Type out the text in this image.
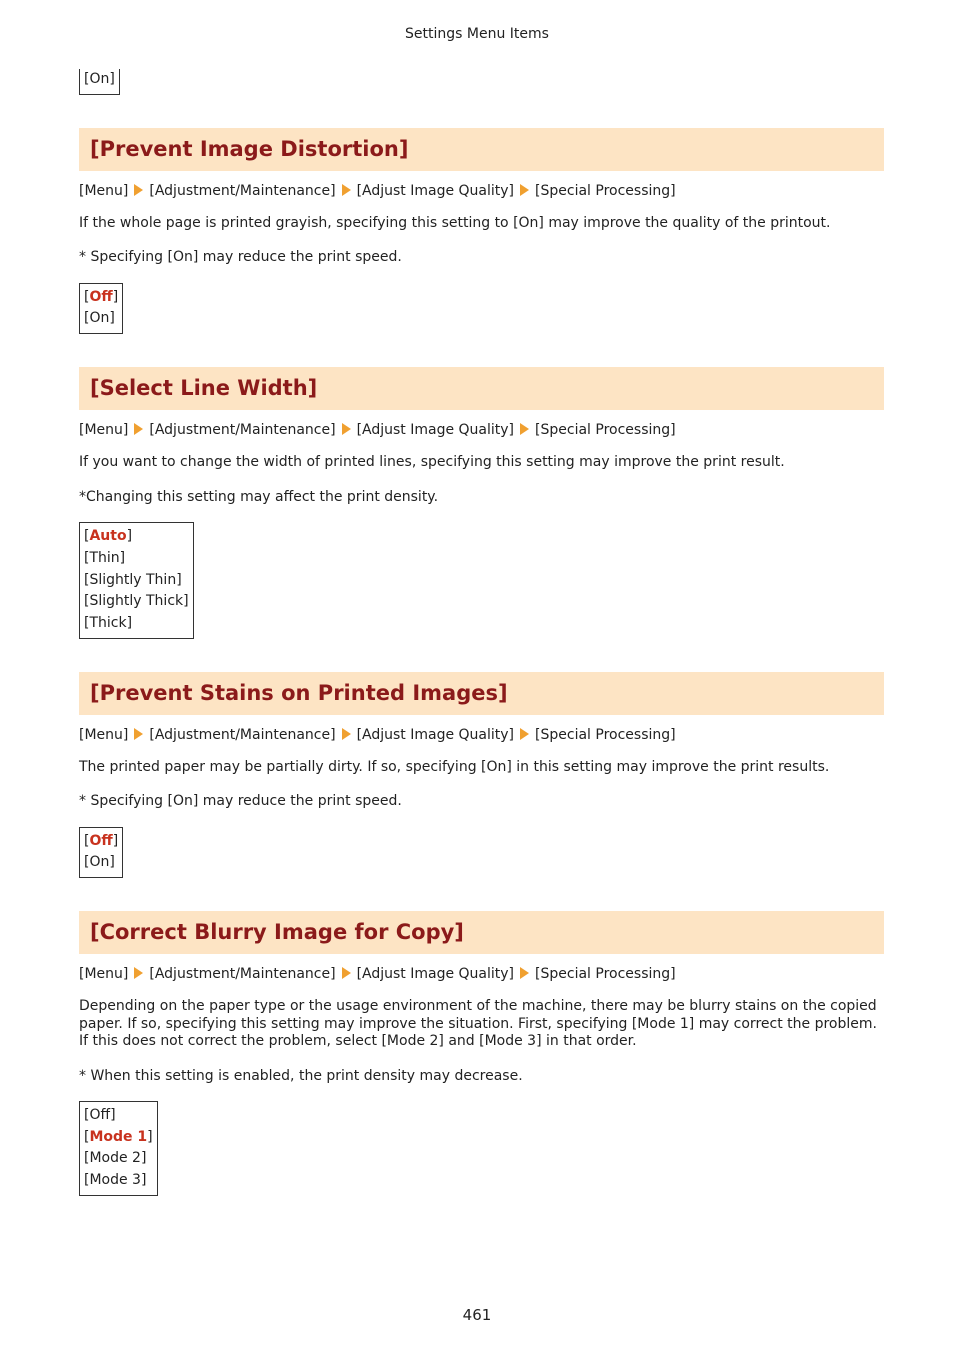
Settings Menu Items
[On]
[Prevent Image Distortion]
[Menu] [Adjustment/Maintenance] [Adjust Image Quality] [Special Processing]

If the whole page is printed grayish, specifying this setting to [On] may improve the quality of the printout.

* Specifying [On] may reduce the print speed.

[Off]
[On]
[Select Line Width]
[Menu] [Adjustment/Maintenance] [Adjust Image Quality] [Special Processing]

If you want to change the width of printed lines, specifying this setting may improve the print result.

*Changing this setting may affect the print density.

[Auto]
[Thin]
[Slightly Thin]
[Slightly Thick]
[Thick]
[Prevent Stains on Printed Images]
[Menu] [Adjustment/Maintenance] [Adjust Image Quality] [Special Processing]

The printed paper may be partially dirty. If so, specifying [On] in this setting may improve the print results.

* Specifying [On] may reduce the print speed.

[Off]
[On]
[Correct Blurry Image for Copy]
[Menu] [Adjustment/Maintenance] [Adjust Image Quality] [Special Processing]

Depending on the paper type or the usage environment of the machine, there may be blurry stains on the copied paper. If so, specifying this setting may improve the situation. First, specifying [Mode 1] may correct the problem. If this does not correct the problem, select [Mode 2] and [Mode 3] in that order.

* When this setting is enabled, the print density may decrease.

[Off]
[Mode 1]
[Mode 2]
[Mode 3]
461
